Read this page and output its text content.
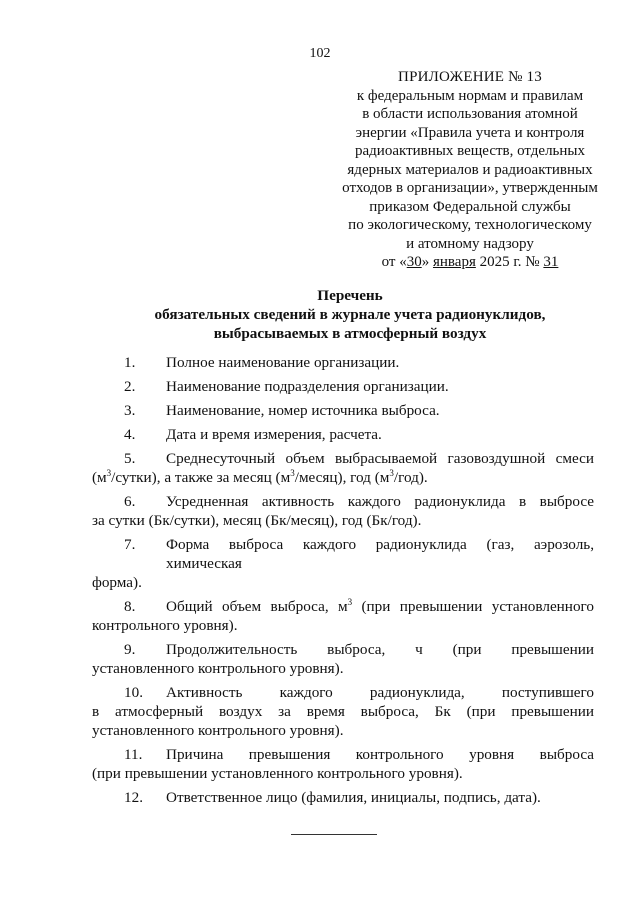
102
ПРИЛОЖЕНИЕ № 13
к федеральным нормам и правилам
в области использования атомной
энергии «Правила учета и контроля
радиоактивных веществ, отдельных
ядерных материалов и радиоактивных
отходов в организации», утвержденным
приказом Федеральной службы
по экологическому, технологическому
и атомному надзору
от «30» января 2025 г. № 31
Перечень
обязательных сведений в журнале учета радионуклидов,
выбрасываемых в атмосферный воздух
1.	Полное наименование организации.
2.	Наименование подразделения организации.
3.	Наименование, номер источника выброса.
4.	Дата и время измерения, расчета.
5.	Среднесуточный объем выбрасываемой газовоздушной смеси
$(м^3/сутки)$, а также за месяц $(м^3/месяц)$, год $(м^3/год)$.
6.	Усредненная активность каждого радионуклида в выбросе
за сутки (Бк/сутки), месяц (Бк/месяц), год (Бк/год).
7.	Форма выброса каждого радионуклида (газ, аэрозоль, химическая
форма).
8.	Общий объем выброса, $м^3$ (при превышении установленного
контрольного уровня).
9.	Продолжительность выброса, ч (при превышении
установленного контрольного уровня).
10.	Активность каждого радионуклида, поступившего
в атмосферный воздух за время выброса, Бк (при превышении
установленного контрольного уровня).
11.	Причина превышения контрольного уровня выброса
(при превышении установленного контрольного уровня).
12.	Ответственное лицо (фамилия, инициалы, подпись, дата).
